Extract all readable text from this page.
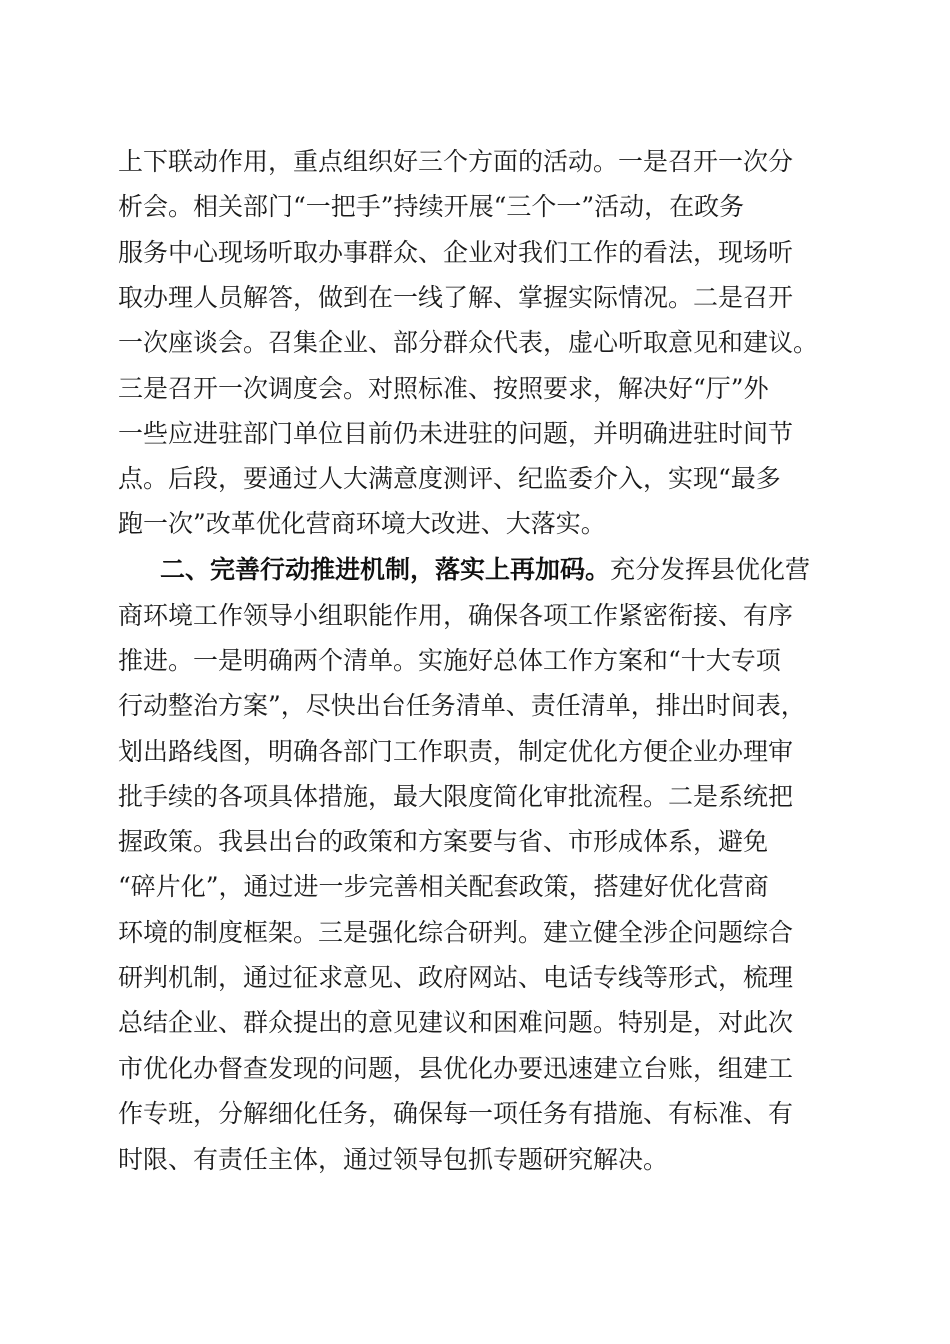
上下联动作用，重点组织好三个方面的活动。一是召开一次分
析会。相关部门“一把手”持续开展“三个一”活动，在政务
服务中心现场听取办事群众、企业对我们工作的看法，现场听
取办理人员解答，做到在一线了解、掌握实际情况。二是召开
一次座谈会。召集企业、部分群众代表，虚心听取意见和建议。
三是召开一次调度会。对照标准、按照要求，解决好“厅”外
一些应进驻部门单位目前仍未进驻的问题，并明确进驻时间节
点。后段，要通过人大满意度测评、纪监委介入，实现“最多
跑一次”改革优化营商环境大改进、大落实。
二、完善行动推进机制，落实上再加码。充分发挥县优化营
商环境工作领导小组职能作用，确保各项工作紧密衔接、有序
推进。一是明确两个清单。实施好总体工作方案和“十大专项
行动整治方案”，尽快出台任务清单、责任清单，排出时间表，
划出路线图，明确各部门工作职责，制定优化方便企业办理审
批手续的各项具体措施，最大限度简化审批流程。二是系统把
握政策。我县出台的政策和方案要与省、市形成体系，避免
“碎片化”，通过进一步完善相关配套政策，搭建好优化营商
环境的制度框架。三是强化综合研判。建立健全涉企问题综合
研判机制，通过征求意见、政府网站、电话专线等形式，梳理
总结企业、群众提出的意见建议和困难问题。特别是，对此次
市优化办督查发现的问题，县优化办要迅速建立台账，组建工
作专班，分解细化任务，确保每一项任务有措施、有标准、有
时限、有责任主体，通过领导包抓专题研究解决。
